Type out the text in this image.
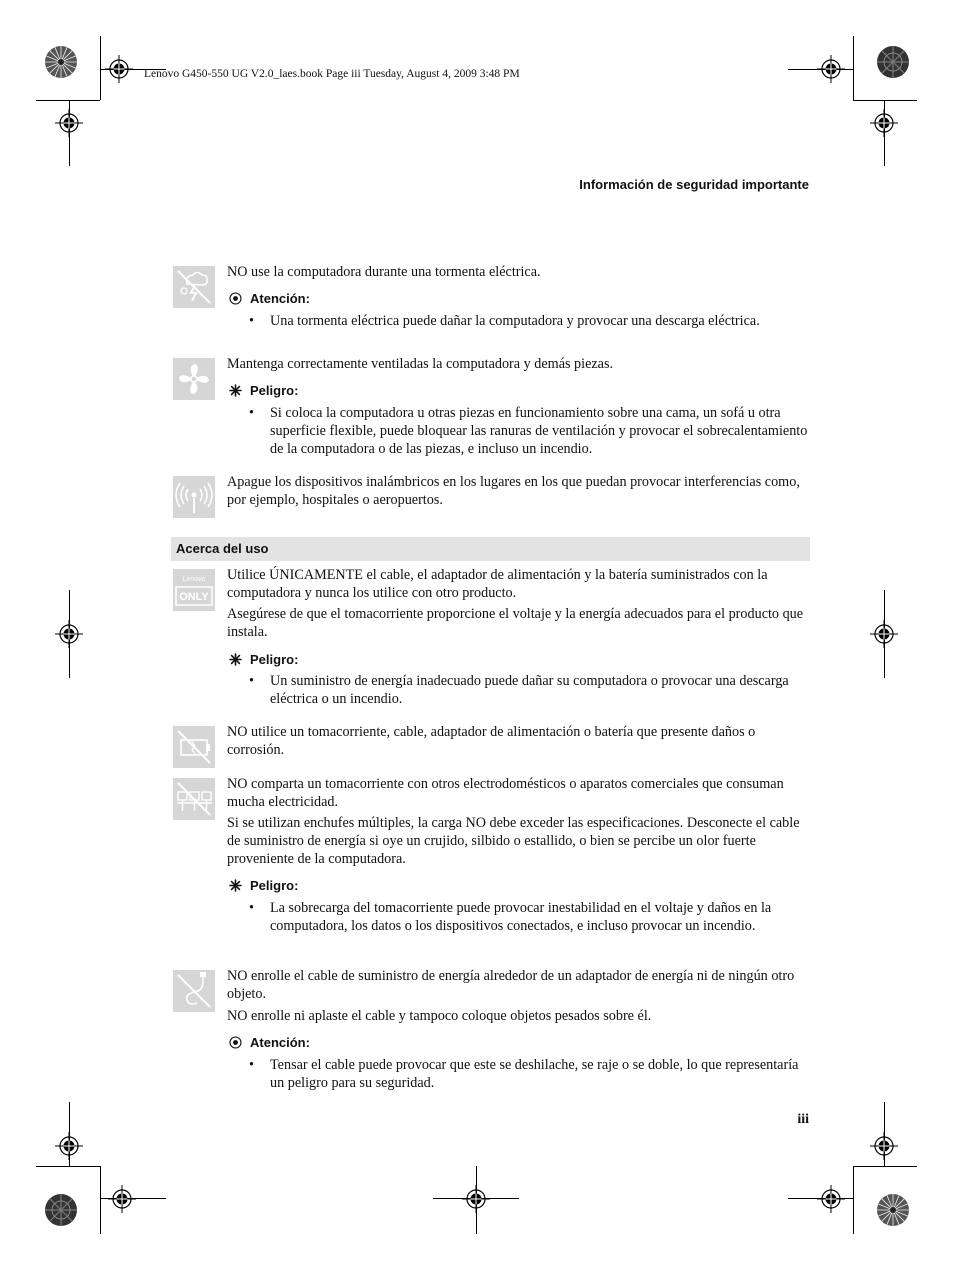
Lenovo G450-550 UG V2.0_laes.book Page iii Tuesday, August 4, 2009 3:48 PM
Información de seguridad importante
NO use la computadora durante una tormenta eléctrica.
Atención:
• Una tormenta eléctrica puede dañar la computadora y provocar una descarga eléctrica.
Mantenga correctamente ventiladas la computadora y demás piezas.
Peligro:
• Si coloca la computadora u otras piezas en funcionamiento sobre una cama, un sofá u otra superficie flexible, puede bloquear las ranuras de ventilación y provocar el sobrecalentamiento de la computadora o de las piezas, e incluso un incendio.
Apague los dispositivos inalámbricos en los lugares en los que puedan provocar interferencias como, por ejemplo, hospitales o aeropuertos.
Acerca del uso
Lenovo
ONLY
Utilice ÚNICAMENTE el cable, el adaptador de alimentación y la batería suministrados con la computadora y nunca los utilice con otro producto.
Asegúrese de que el tomacorriente proporcione el voltaje y la energía adecuados para el producto que instala.
Peligro:
• Un suministro de energía inadecuado puede dañar su computadora o provocar una descarga eléctrica o un incendio.
NO utilice un tomacorriente, cable, adaptador de alimentación o batería que presente daños o corrosión.
NO comparta un tomacorriente con otros electrodomésticos o aparatos comerciales que consuman mucha electricidad.
Si se utilizan enchufes múltiples, la carga NO debe exceder las especificaciones. Desconecte el cable de suministro de energía si oye un crujido, silbido o estallido, o bien se percibe un olor fuerte proveniente de la computadora.
Peligro:
• La sobrecarga del tomacorriente puede provocar inestabilidad en el voltaje y daños en la computadora, los datos o los dispositivos conectados, e incluso provocar un incendio.
NO enrolle el cable de suministro de energía alrededor de un adaptador de energía ni de ningún otro objeto.
NO enrolle ni aplaste el cable y tampoco coloque objetos pesados sobre él.
Atención:
• Tensar el cable puede provocar que este se deshilache, se raje o se doble, lo que representaría un peligro para su seguridad.
iii
